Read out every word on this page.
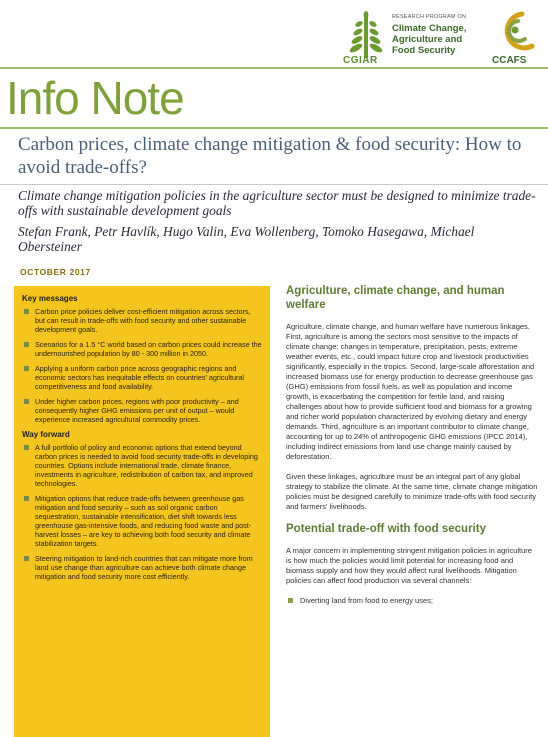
CGIAR
RESEARCH PROGRAM ON
Climate Change,
Agriculture and
Food Security
CCAFS
Info Note
Carbon prices, climate change mitigation & food security: How to avoid trade-offs?
Climate change mitigation policies in the agriculture sector must be designed to minimize trade-offs with sustainable development goals
Stefan Frank, Petr Havlík, Hugo Valin, Eva Wollenberg, Tomoko Hasegawa, Michael Obersteiner
OCTOBER 2017
Key messages
Carbon price policies deliver cost-efficient mitigation across sectors, but can result in trade-offs with food security and other sustainable development goals.
Scenarios for a 1.5 °C world based on carbon prices could increase the undernourished population by 80 - 300 million in 2050.
Applying a uniform carbon price across geographic regions and economic sectors has inequitable effects on countries' agricultural competitiveness and food availability.
Under higher carbon prices, regions with poor productivity – and consequently higher GHG emissions per unit of output – would experience increased agricultural commodity prices.
Way forward
A full portfolio of policy and economic options that extend beyond carbon prices is needed to avoid food security trade-offs in developing countries. Options include international trade, climate finance, investments in agriculture, redistribution of carbon tax, and improved technologies.
Mitigation options that reduce trade-offs between greenhouse gas mitigation and food security – such as soil organic carbon sequestration, sustainable intensification, diet shift towards less greenhouse gas-intensive foods, and reducing food waste and post-harvest losses – are key to achieving both food security and climate stabilization targets.
Steering mitigation to land-rich countries that can mitigate more from land use change than agriculture can achieve both climate change mitigation and food security more cost efficiently.
Agriculture, climate change, and human welfare

Agriculture, climate change, and human welfare have numerous linkages. First, agriculture is among the sectors most sensitive to the impacts of climate change: changes in temperature, precipitation, pests, extreme weather events, etc., could impact future crop and livestock productivities significantly, especially in the tropics. Second, large-scale afforestation and increased biomass use for energy production to decrease greenhouse gas (GHG) emissions from fossil fuels, as well as population and income growth, is exacerbating the competition for fertile land, and raising challenges about how to provide sufficient food and biomass for a growing and richer world population characterized by evolving dietary and energy demands. Third, agriculture is an important contributor to climate change, accounting for up to 24% of anthropogenic GHG emissions (IPCC 2014), including indirect emissions from land use change mainly caused by deforestation.

Given these linkages, agriculture must be an integral part of any global strategy to stabilize the climate. At the same time, climate change mitigation policies must be designed carefully to minimize trade-offs with food security and farmers' livelihoods.

Potential trade-off with food security

A major concern in implementing stringent mitigation policies in agriculture is how much the policies would limit potential for increasing food and biomass supply and how they would affect rural livelihoods. Mitigation policies can affect food production via several channels:

Diverting land from food to energy uses;
